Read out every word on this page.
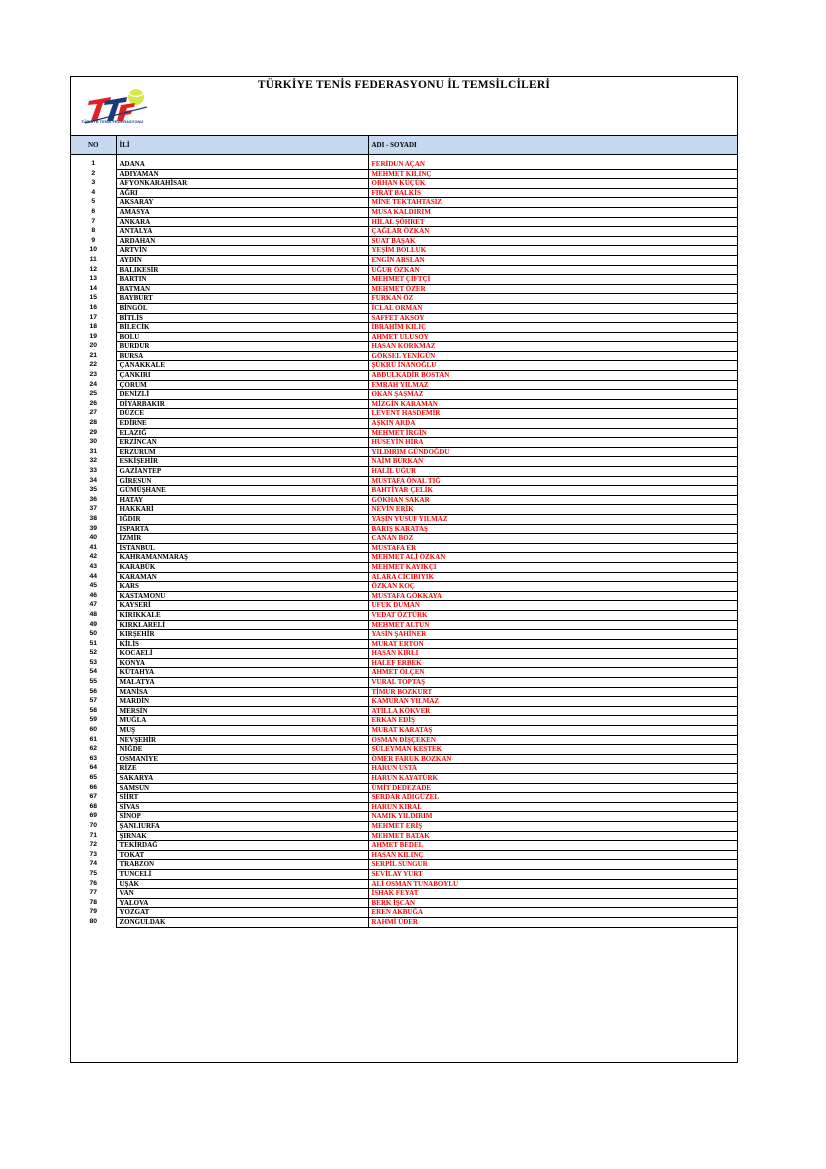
TÜRKİYE TENİS FEDERASYONU İL TEMSİLCİLERİ
TÜRKİYE TENİS FEDERASYONU
NO	İLİ	ADI - SOYADI

1	ADANA	FERİDUN AÇAN
2	ADIYAMAN	MEHMET KILINÇ
3	AFYONKARAHİSAR	ORHAN KÜÇÜK
4	AĞRI	FIRAT BALKİS
5	AKSARAY	MİNE TEKTAHTASIZ
6	AMASYA	MUSA KALDIRIM
7	ANKARA	HİLAL ŞÖHRET
8	ANTALYA	ÇAĞLAR ÖZKAN
9	ARDAHAN	SUAT BAŞAK
10	ARTVİN	YEŞİM BOLLUK
11	AYDIN	ENGİN ARSLAN
12	BALIKESİR	UĞUR ÖZKAN
13	BARTIN	MEHMET ÇİFTÇİ
14	BATMAN	MEHMET ÖZER
15	BAYBURT	FURKAN ÖZ
16	BİNGÖL	İCLAL ORMAN
17	BİTLİS	SAFFET AKSOY
18	BİLECİK	İBRAHİM KILIÇ
19	BOLU	AHMET ULUSOY
20	BURDUR	HASAN KORKMAZ
21	BURSA	GÖKSEL YENİGÜN
22	ÇANAKKALE	ŞÜKRÜ İNANOĞLU
23	ÇANKIRI	ABDULKADİR BOSTAN
24	ÇORUM	EMRAH YILMAZ
25	DENİZLİ	OKAN ŞAŞMAZ
26	DİYARBAKIR	MİZGİN KARAMAN
27	DÜZCE	LEVENT HASDEMİR
28	EDİRNE	AŞKIN ARDA
29	ELAZIĞ	MEHMET İRGİN
30	ERZİNCAN	HÜSEYİN HİRA
31	ERZURUM	YILDIRIM GÜNDOĞDU
32	ESKİŞEHİR	NAİM BURKAN
33	GAZİANTEP	HALİL UĞUR
34	GİRESUN	MUSTAFA ÖNAL TIĞ
35	GÜMÜŞHANE	BAHTİYAR ÇELİK
36	HATAY	GÖKHAN SAKAR
37	HAKKARİ	NEVİN ERİK
38	IĞDIR	YAŞİN YUSUF YILMAZ
39	ISPARTA	BARIŞ KARATAŞ
40	İZMİR	CANAN BOZ
41	İSTANBUL	MUSTAFA ER
42	KAHRAMANMARAŞ	MEHMET ALİ ÖZKAN
43	KARABÜK	MEHMET KAYIKÇI
44	KARAMAN	ALARA CİCİBIYIK
45	KARS	ÖZKAN KOÇ
46	KASTAMONU	MUSTAFA GÖKKAYA
47	KAYSERİ	UFUK DUMAN
48	KIRIKKALE	VEDAT ÖZTÜRK
49	KIRKLARELİ	MEHMET ALTUN
50	KIRŞEHİR	YASİN ŞAHİNER
51	KİLİS	MURAT ERTON
52	KOCAELİ	HASAN KIRLI
53	KONYA	HALEF ERBEK
54	KÜTAHYA	AHMET ÖLÇEN
55	MALATYA	VURAL TOPTAŞ
56	MANİSA	TİMUR BOZKURT
57	MARDİN	KAMURAN YILMAZ
58	MERSİN	ATİLLA KÖKVER
59	MUĞLA	ERKAN EDİŞ
60	MUŞ	MURAT KARATAŞ
61	NEVŞEHİR	OSMAN DİŞÇEKEN
62	NİĞDE	SÜLEYMAN KESTEK
63	OSMANİYE	ÖMER FARUK BOZKAN
64	RİZE	HARUN USTA
65	SAKARYA	HARUN KAYATÜRK
66	SAMSUN	ÜMİT DEDEZADE
67	SİİRT	SERDAR ADIGÜZEL
68	SİVAS	HARUN KIRAL
69	SİNOP	NAMIK YILDIRIM
70	ŞANLIURFA	MEHMET ERİŞ
71	ŞIRNAK	MEHMET BATAK
72	TEKİRDAĞ	AHMET BEDEL
73	TOKAT	HASAN KILINÇ
74	TRABZON	SERPİL SUNGUR
75	TUNCELİ	SEVİLAY YURT
76	UŞAK	ALİ OSMAN TUNABOYLU
77	VAN	İSHAK FEYAT
78	YALOVA	BERK İŞCAN
79	YOZGAT	EREN AKBUĞA
80	ZONGULDAK	RAHMİ ÜDER
